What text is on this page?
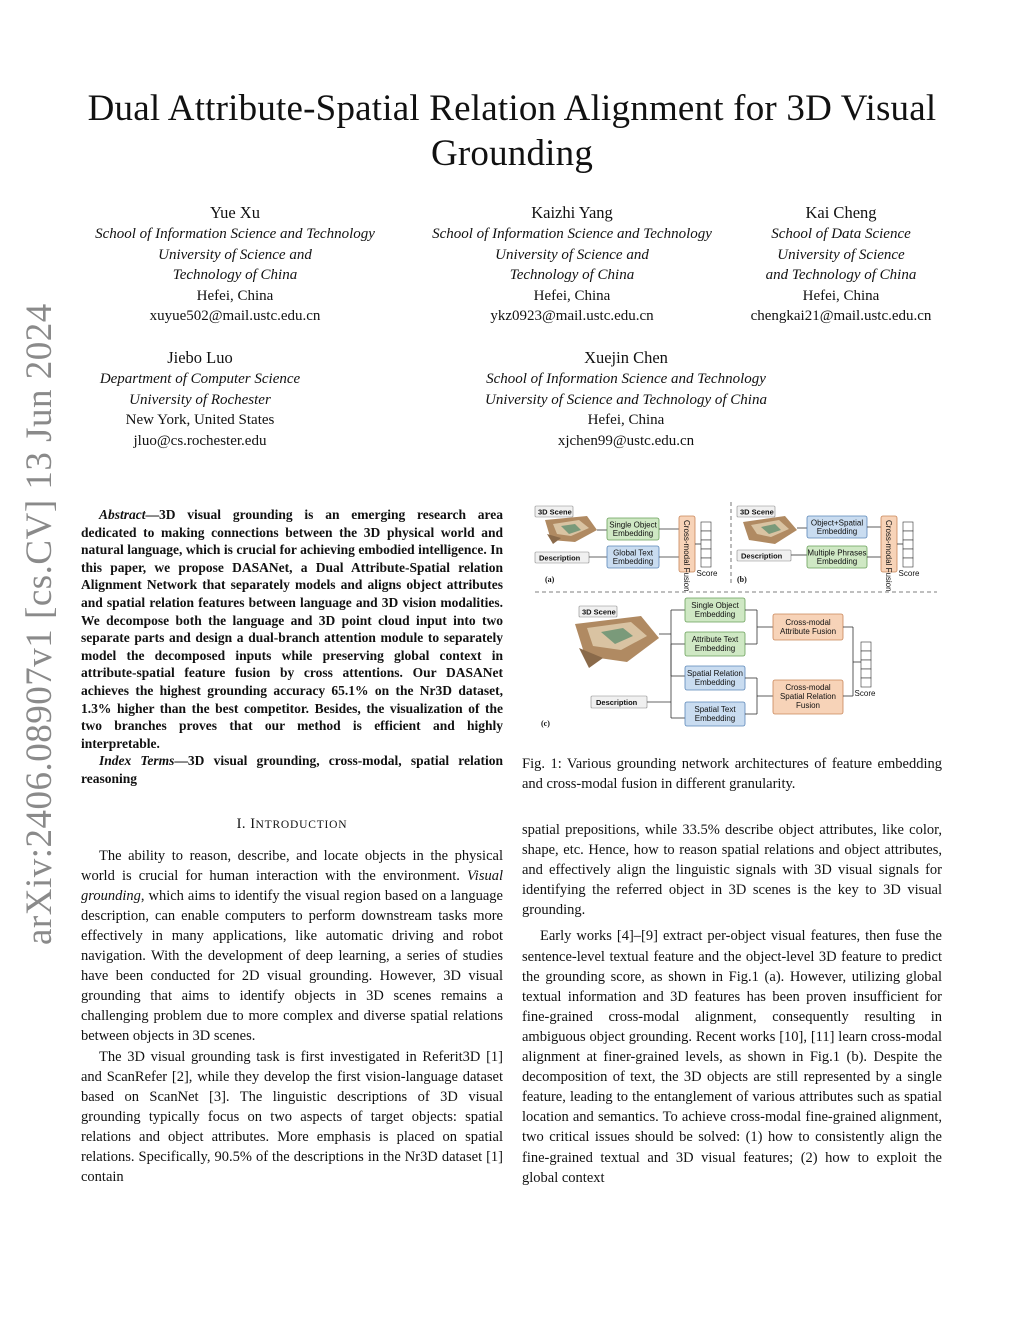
arXiv:2406.08907v1 [cs.CV] 13 Jun 2024
Dual Attribute-Spatial Relation Alignment for 3D Visual Grounding
Yue Xu
School of Information Science and Technology
University of Science and
Technology of China
Hefei, China
xuyue502@mail.ustc.edu.cn
Kaizhi Yang
School of Information Science and Technology
University of Science and
Technology of China
Hefei, China
ykz0923@mail.ustc.edu.cn
Kai Cheng
School of Data Science
University of Science
and Technology of China
Hefei, China
chengkai21@mail.ustc.edu.cn
Jiebo Luo
Department of Computer Science
University of Rochester
New York, United States
jluo@cs.rochester.edu
Xuejin Chen
School of Information Science and Technology
University of Science and Technology of China
Hefei, China
xjchen99@ustc.edu.cn

Abstract—3D visual grounding is an emerging research area dedicated to making connections between the 3D physical world and natural language, which is crucial for achieving embodied intelligence. In this paper, we propose DASANet, a Dual Attribute-Spatial relation Alignment Network that separately models and aligns object attributes and spatial relation features between language and 3D vision modalities. We decompose both the language and 3D point cloud input into two separate parts and design a dual-branch attention module to separately model the decomposed inputs while preserving global context in attribute-spatial feature fusion by cross attentions. Our DASANet achieves the highest grounding accuracy 65.1% on the Nr3D dataset, 1.3% higher than the best competitor. Besides, the visualization of the two branches proves that our method is efficient and highly interpretable.

Index Terms—3D visual grounding, cross-modal, spatial relation reasoning

I. INTRODUCTION

The ability to reason, describe, and locate objects in the physical world is crucial for human interaction with the environment. Visual grounding, which aims to identify the visual region based on a language description, can enable computers to perform downstream tasks more effectively in many applications, like automatic driving and robot navigation. With the development of deep learning, a series of studies have been conducted for 2D visual grounding. However, 3D visual grounding that aims to identify objects in 3D scenes remains a challenging problem due to more complex and diverse spatial relations between objects in 3D scenes.

The 3D visual grounding task is first investigated in Referit3D [1] and ScanRefer [2], while they develop the first vision-language dataset based on ScanNet [3]. The linguistic descriptions of 3D visual grounding typically focus on two aspects of target objects: spatial relations and object attributes. More emphasis is placed on spatial relations. Specifically, 90.5% of the descriptions in the Nr3D dataset [1] contain

3D Scene
Description
Single Object
Embedding
Global Text
Embedding	Cross-modal Fusion Score
(a)
3D Scene
Description
Object+Spatial
Embedding
Multiple Phrases
Embedding	Cross-modal Fusion Score
(b)
3D Scene
Description
Single Object
Embedding
Attribute Text
Embedding
Spatial Relation
Embedding
Spatial Text
Embedding
Cross-modal
Attribute Fusion
Cross-modal
Spatial Relation
Fusion
Score
(c)

Fig. 1: Various grounding network architectures of feature embedding and cross-modal fusion in different granularity.

spatial prepositions, while 33.5% describe object attributes, like color, shape, etc. Hence, how to reason spatial relations and object attributes, and effectively align the linguistic signals with 3D visual signals for identifying the referred object in 3D scenes is the key to 3D visual grounding.

Early works [4]–[9] extract per-object visual features, then fuse the sentence-level textual feature and the object-level 3D feature to predict the grounding score, as shown in Fig.1 (a). However, utilizing global textual information and 3D features has been proven insufficient for fine-grained cross-modal alignment, consequently resulting in ambiguous object grounding. Recent works [10], [11] learn cross-modal alignment at finer-grained levels, as shown in Fig.1 (b). Despite the decomposition of text, the 3D objects are still represented by a single feature, leading to the entanglement of various attributes such as spatial location and semantics. To achieve cross-modal fine-grained alignment, two critical issues should be solved: (1) how to consistently align the fine-grained textual and 3D visual features; (2) how to exploit the global context
